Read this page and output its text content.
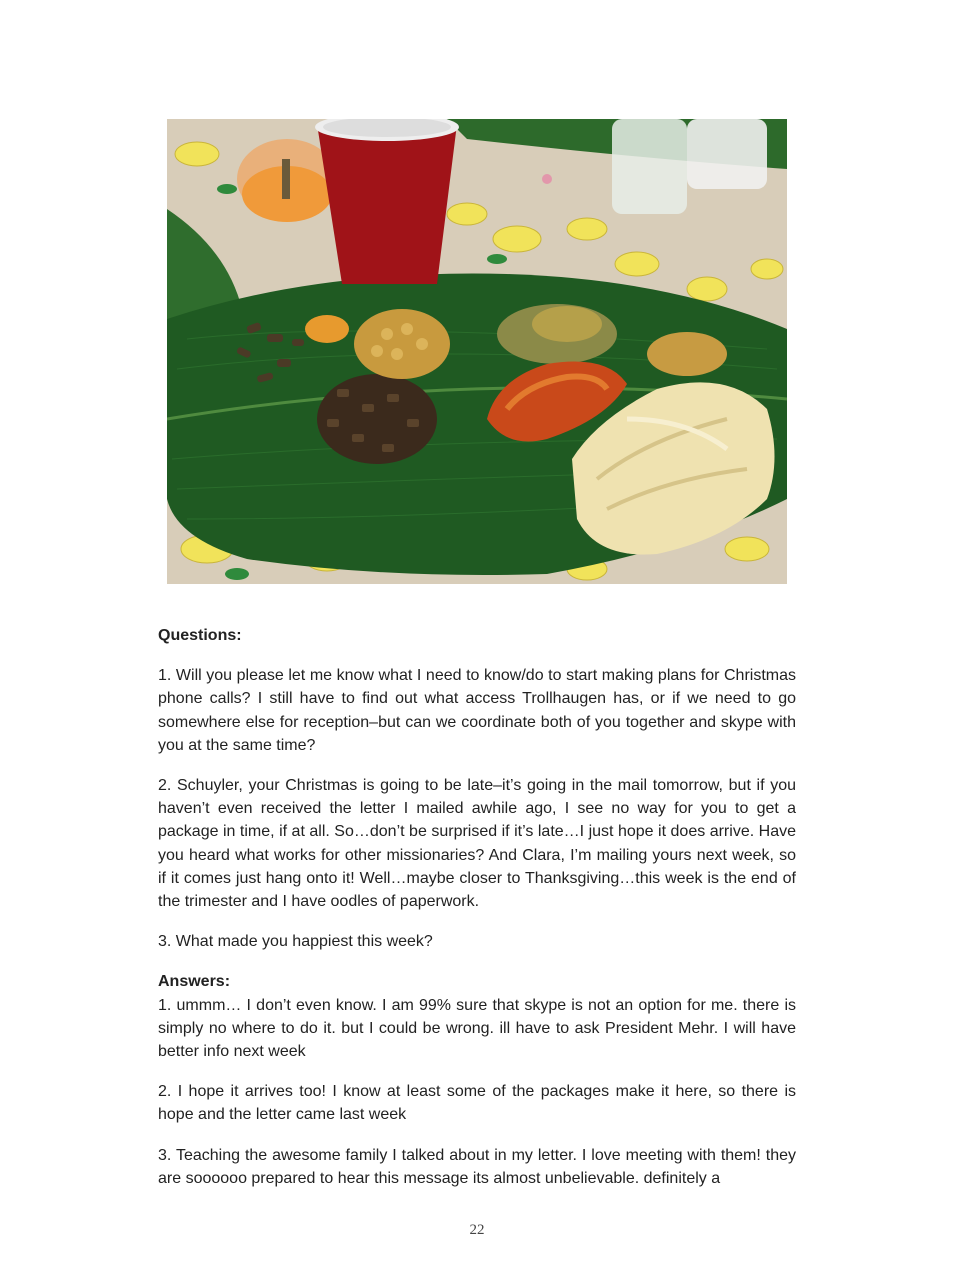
Questions:

1. Will you please let me know what I need to know/do to start making plans for Christmas phone calls? I still have to find out what access Trollhaugen has, or if we need to go somewhere else for reception–but can we coordinate both of you together and skype with you at the same time?

2. Schuyler, your Christmas is going to be late–it’s going in the mail tomorrow, but if you haven’t even received the letter I mailed awhile ago, I see no way for you to get a package in time, if at all. So…don’t be surprised if it’s late…I just hope it does arrive. Have you heard what works for other missionaries? And Clara, I’m mailing yours next week, so if it comes just hang onto it! Well…maybe closer to Thanksgiving…this week is the end of the trimester and I have oodles of paperwork.

3. What made you happiest this week?

Answers:

1. ummm… I don’t even know. I am 99% sure that skype is not an option for me. there is simply no where to do it. but I could be wrong. ill have to ask President Mehr. I will have better info next week

2. I hope it arrives too! I know at least some of the packages make it here, so there is hope and the letter came last week

3. Teaching the awesome family I talked about in my letter. I love meeting with them! they are soooooo prepared to hear this message its almost unbelievable. definitely a

22
